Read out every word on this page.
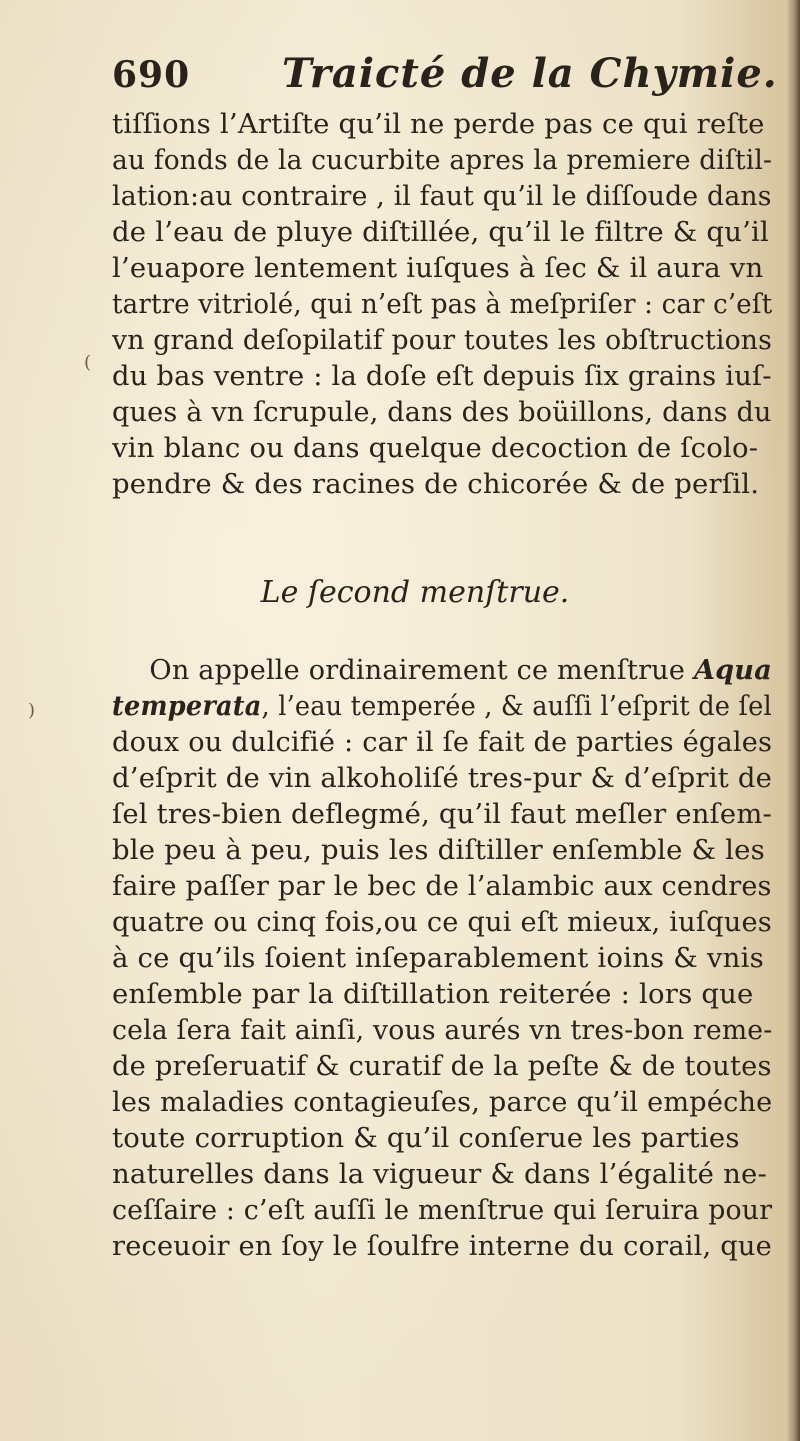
690 Traicté de la Chymie.
tiſſions l’Artiſte qu’il ne perde pas ce qui reſte
au fonds de la cucurbite apres la premiere diſtil-
lation:au contraire , il faut qu’il le diſſoude dans
de l’eau de pluye diſtillée, qu’il le filtre & qu’il
l’euapore lentement iuſques à ſec & il aura vn
tartre vitriolé, qui n’eſt pas à meſpriſer : car c’eſt
vn grand deſopilatif pour toutes les obſtructions
du bas ventre : la doſe eſt depuis ſix grains iuſ-
ques à vn ſcrupule, dans des boüillons, dans du
vin blanc ou dans quelque decoction de ſcolo-
pendre & des racines de chicorée & de perſil.
Le ſecond menſtrue.
On appelle ordinairement ce menſtrue Aqua
temperata, l’eau temperée , & auſſi l’eſprit de ſel
doux ou dulcifié : car il ſe fait de parties égales
d’eſprit de vin alkoholiſé tres-pur & d’eſprit de
ſel tres-bien deflegmé, qu’il faut meſler enſem-
ble peu à peu, puis les diſtiller enſemble & les
faire paſſer par le bec de l’alambic aux cendres
quatre ou cinq fois,ou ce qui eſt mieux, iuſques
à ce qu’ils ſoient inſeparablement ioins & vnis
enſemble par la diſtillation reiterée : lors que
cela ſera fait ainſi, vous aurés vn tres-bon reme-
de preſeruatif & curatif de la peſte & de toutes
les maladies contagieuſes, parce qu’il empéche
toute corruption & qu’il conſerue les parties
naturelles dans la vigueur & dans l’égalité ne-
ceſſaire : c’eſt auſſi le menſtrue qui ſeruira pour
receuoir en ſoy le ſoulfre interne du corail, que
(
)
